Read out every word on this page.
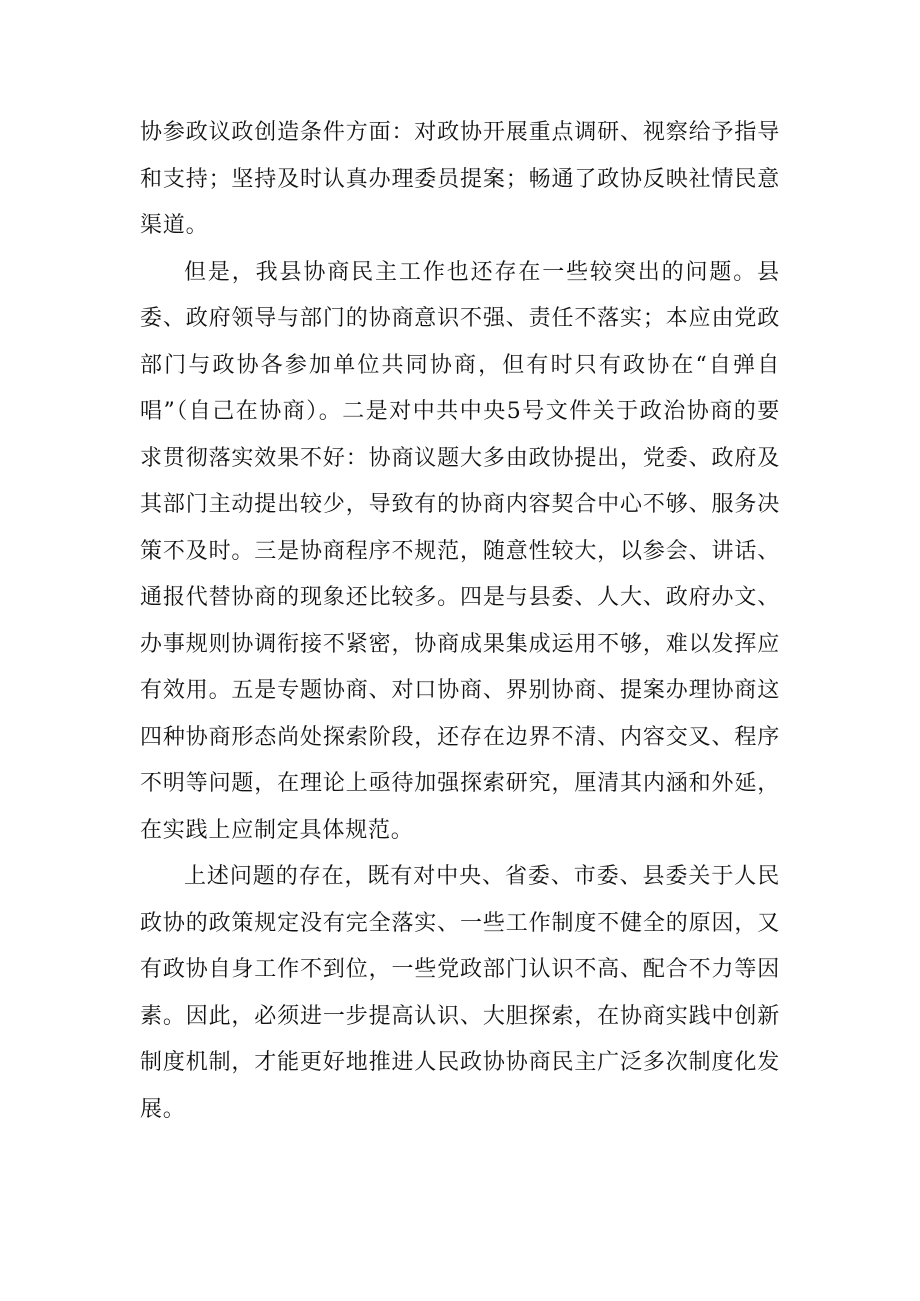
协参政议政创造条件方面：对政协开展重点调研、视察给予指导和支持；坚持及时认真办理委员提案；畅通了政协反映社情民意渠道。

但是，我县协商民主工作也还存在一些较突出的问题。县委、政府领导与部门的协商意识不强、责任不落实；本应由党政部门与政协各参加单位共同协商，但有时只有政协在“自弹自唱”（自己在协商）。二是对中共中央5号文件关于政治协商的要求贯彻落实效果不好：协商议题大多由政协提出，党委、政府及其部门主动提出较少，导致有的协商内容契合中心不够、服务决策不及时。三是协商程序不规范，随意性较大，以参会、讲话、通报代替协商的现象还比较多。四是与县委、人大、政府办文、办事规则协调衔接不紧密，协商成果集成运用不够，难以发挥应有效用。五是专题协商、对口协商、界别协商、提案办理协商这四种协商形态尚处探索阶段，还存在边界不清、内容交叉、程序不明等问题，在理论上亟待加强探索研究，厘清其内涵和外延，在实践上应制定具体规范。

上述问题的存在，既有对中央、省委、市委、县委关于人民政协的政策规定没有完全落实、一些工作制度不健全的原因，又有政协自身工作不到位，一些党政部门认识不高、配合不力等因素。因此，必须进一步提高认识、大胆探索，在协商实践中创新制度机制，才能更好地推进人民政协协商民主广泛多次制度化发展。
